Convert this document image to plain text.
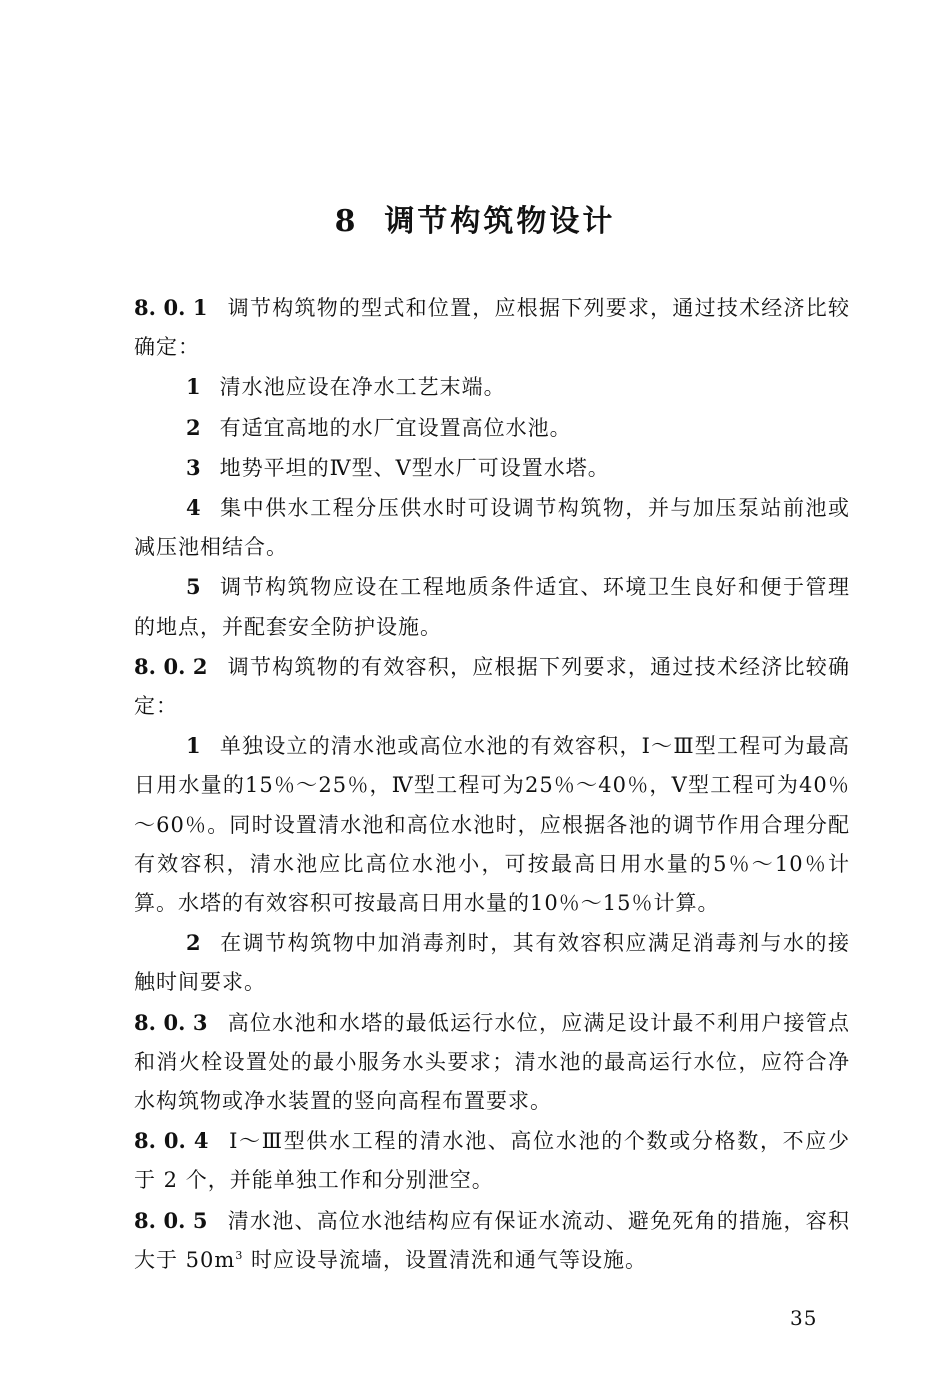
8 调节构筑物设计

8. 0. 1 调节构筑物的型式和位置，应根据下列要求，通过技术经济比较确定：

1 清水池应设在净水工艺末端。

2 有适宜高地的水厂宜设置高位水池。

3 地势平坦的Ⅳ型、Ⅴ型水厂可设置水塔。

4 集中供水工程分压供水时可设调节构筑物，并与加压泵站前池或减压池相结合。

5 调节构筑物应设在工程地质条件适宜、环境卫生良好和便于管理的地点，并配套安全防护设施。

8. 0. 2 调节构筑物的有效容积，应根据下列要求，通过技术经济比较确定：

1 单独设立的清水池或高位水池的有效容积，Ⅰ～Ⅲ型工程可为最高日用水量的15％～25％，Ⅳ型工程可为25％～40％，Ⅴ型工程可为40％～60％。同时设置清水池和高位水池时，应根据各池的调节作用合理分配有效容积，清水池应比高位水池小，可按最高日用水量的5％～10％计算。水塔的有效容积可按最高日用水量的10％～15％计算。

2 在调节构筑物中加消毒剂时，其有效容积应满足消毒剂与水的接触时间要求。

8. 0. 3 高位水池和水塔的最低运行水位，应满足设计最不利用户接管点和消火栓设置处的最小服务水头要求；清水池的最高运行水位，应符合净水构筑物或净水装置的竖向高程布置要求。

8. 0. 4 Ⅰ～Ⅲ型供水工程的清水池、高位水池的个数或分格数，不应少于 2 个，并能单独工作和分别泄空。

8. 0. 5 清水池、高位水池结构应有保证水流动、避免死角的措施，容积大于 $50m^3$ 时应设导流墙，设置清洗和通气等设施。

35
